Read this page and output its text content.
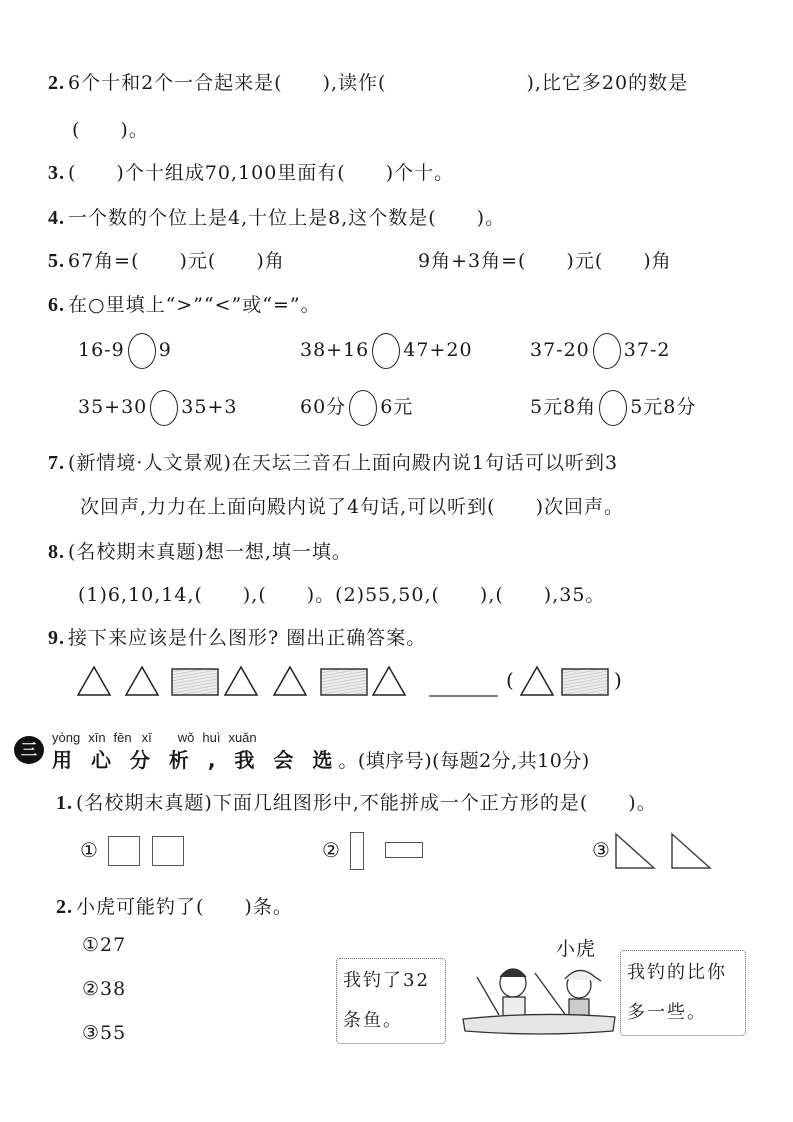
2. 6个十和2个一合起来是(　　),读作(　　　　　　　),比它多20的数是
(　　)。
3. (　　)个十组成70,100里面有(　　)个十。
4. 一个数的个位上是4,十位上是8,这个数是(　　)。
5. 67角=(　　)元(　　)角	9角+3角=(　　)元(　　)角
6. 在○里填上“>”“<”或“=”。
16-9 9	38+16 47+20	37-20 37-2
35+30 35+3	60分 6元	5元8角 5元8分
7. (新情境·人文景观)在天坛三音石上面向殿内说1句话可以听到3
次回声,力力在上面向殿内说了4句话,可以听到(　　)次回声。
8. (名校期末真题)想一想,填一填。
(1)6,10,14,(　　),(　　)。(2)55,50,(　　),(　　),35。
9. 接下来应该是什么图形? 圈出正确答案。
(	)
三
yòng xīn fēn xī wǒ huì xuǎn
用 心 分 析 , 我 会 选。(填序号)(每题2分,共10分)
1. (名校期末真题)下面几组图形中,不能拼成一个正方形的是(　　)。
①	②	③
2. 小虎可能钓了(　　)条。
①27
②38
③55
我钓了32
条鱼。
小虎
我钓的比你
多一些。
